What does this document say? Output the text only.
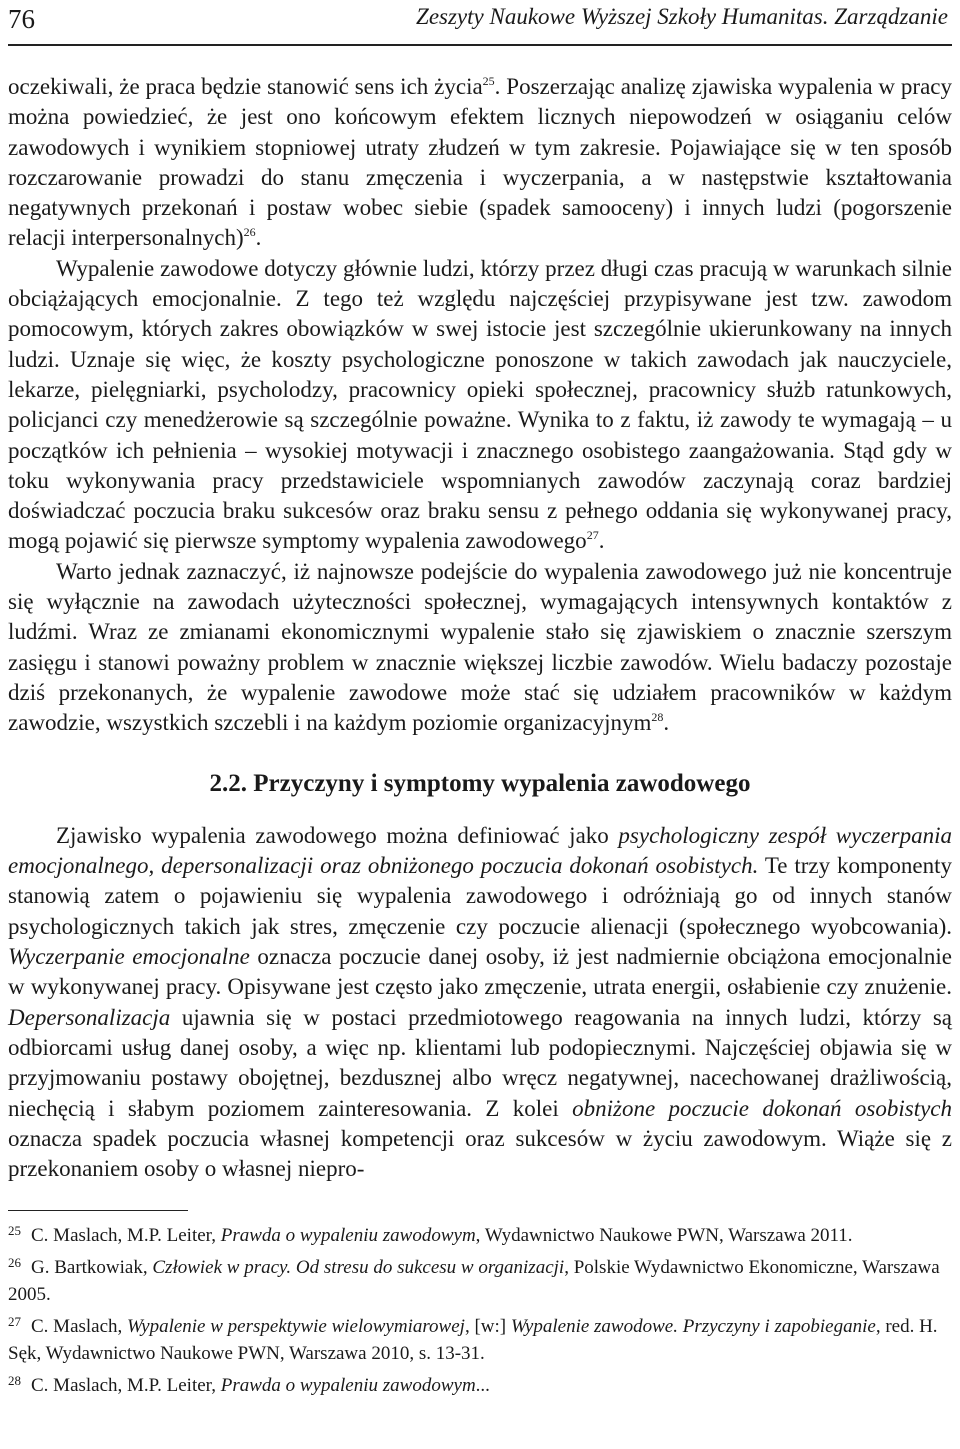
76	Zeszyty Naukowe Wyższej Szkoły Humanitas. Zarządzanie

oczekiwali, że praca będzie stanowić sens ich życia$^{25}$. Poszerzając analizę zjawiska wypalenia w pracy można powiedzieć, że jest ono końcowym efektem licznych niepowodzeń w osiąganiu celów zawodowych i wynikiem stopniowej utraty złudzeń w tym zakresie. Pojawiające się w ten sposób rozczarowanie prowadzi do stanu zmęczenia i wyczerpania, a w następstwie kształtowania negatywnych przekonań i postaw wobec siebie (spadek samooceny) i innych ludzi (pogorszenie relacji interpersonalnych)$^{26}$.

Wypalenie zawodowe dotyczy głównie ludzi, którzy przez długi czas pracują w warunkach silnie obciążających emocjonalnie. Z tego też względu najczęściej przypisywane jest tzw. zawodom pomocowym, których zakres obowiązków w swej istocie jest szczególnie ukierunkowany na innych ludzi. Uznaje się więc, że koszty psychologiczne ponoszone w takich zawodach jak nauczyciele, lekarze, pielęgniarki, psycholodzy, pracownicy opieki społecznej, pracownicy służb ratunkowych, policjanci czy menedżerowie są szczególnie poważne. Wynika to z faktu, iż zawody te wymagają – u początków ich pełnienia – wysokiej motywacji i znacznego osobistego zaangażowania. Stąd gdy w toku wykonywania pracy przedstawiciele wspomnianych zawodów zaczynają coraz bardziej doświadczać poczucia braku sukcesów oraz braku sensu z pełnego oddania się wykonywanej pracy, mogą pojawić się pierwsze symptomy wypalenia zawodowego$^{27}$.

Warto jednak zaznaczyć, iż najnowsze podejście do wypalenia zawodowego już nie koncentruje się wyłącznie na zawodach użyteczności społecznej, wymagających intensywnych kontaktów z ludźmi. Wraz ze zmianami ekonomicznymi wypalenie stało się zjawiskiem o znacznie szerszym zasięgu i stanowi poważny problem w znacznie większej liczbie zawodów. Wielu badaczy pozostaje dziś przekonanych, że wypalenie zawodowe może stać się udziałem pracowników w każdym zawodzie, wszystkich szczebli i na każdym poziomie organizacyjnym$^{28}$.

2.2. Przyczyny i symptomy wypalenia zawodowego

Zjawisko wypalenia zawodowego można definiować jako psychologiczny zespół wyczerpania emocjonalnego, depersonalizacji oraz obniżonego poczucia dokonań osobistych. Te trzy komponenty stanowią zatem o pojawieniu się wypalenia zawodowego i odróżniają go od innych stanów psychologicznych takich jak stres, zmęczenie czy poczucie alienacji (społecznego wyobcowania). Wyczerpanie emocjonalne oznacza poczucie danej osoby, iż jest nadmiernie obciążona emocjonalnie w wykonywanej pracy. Opisywane jest często jako zmęczenie, utrata energii, osłabienie czy znużenie. Depersonalizacja ujawnia się w postaci przedmiotowego reagowania na innych ludzi, którzy są odbiorcami usług danej osoby, a więc np. klientami lub podopiecznymi. Najczęściej objawia się w przyjmowaniu postawy obojętnej, bezdusznej albo wręcz negatywnej, nacechowanej drażliwością, niechęcią i słabym poziomem zainteresowania. Z kolei obniżone poczucie dokonań osobistych oznacza spadek poczucia własnej kompetencji oraz sukcesów w życiu zawodowym. Wiąże się z przekonaniem osoby o własnej niepro-

$^{25}$ C. Maslach, M.P. Leiter, Prawda o wypaleniu zawodowym, Wydawnictwo Naukowe PWN, Warszawa 2011.

$^{26}$ G. Bartkowiak, Człowiek w pracy. Od stresu do sukcesu w organizacji, Polskie Wydawnictwo Ekonomiczne, Warszawa 2005.

$^{27}$ C. Maslach, Wypalenie w perspektywie wielowymiarowej, [w:] Wypalenie zawodowe. Przyczyny i zapobieganie, red. H. Sęk, Wydawnictwo Naukowe PWN, Warszawa 2010, s. 13-31.

$^{28}$ C. Maslach, M.P. Leiter, Prawda o wypaleniu zawodowym...
